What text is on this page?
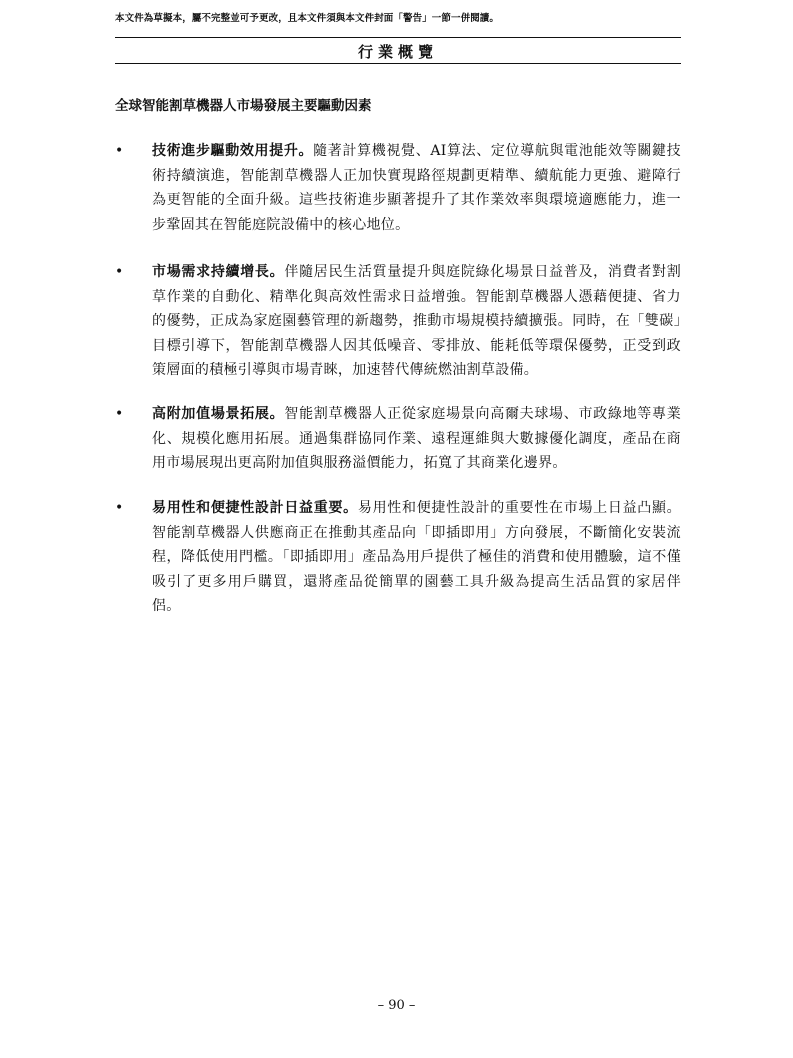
本文件為草擬本，屬不完整並可予更改，且本文件須與本文件封面「警告」一節一併閱讀。
行業概覽
全球智能割草機器人市場發展主要驅動因素
• 技術進步驅動效用提升。隨著計算機視覺、AI算法、定位導航與電池能效等關鍵技術持續演進，智能割草機器人正加快實現路徑規劃更精準、續航能力更強、避障行為更智能的全面升級。這些技術進步顯著提升了其作業效率與環境適應能力，進一步鞏固其在智能庭院設備中的核心地位。
• 市場需求持續增長。伴隨居民生活質量提升與庭院綠化場景日益普及，消費者對割草作業的自動化、精準化與高效性需求日益增強。智能割草機器人憑藉便捷、省力的優勢，正成為家庭園藝管理的新趨勢，推動市場規模持續擴張。同時，在「雙碳」目標引導下，智能割草機器人因其低噪音、零排放、能耗低等環保優勢，正受到政策層面的積極引導與市場青睞，加速替代傳統燃油割草設備。
• 高附加值場景拓展。智能割草機器人正從家庭場景向高爾夫球場、市政綠地等專業化、規模化應用拓展。通過集群協同作業、遠程運維與大數據優化調度，產品在商用市場展現出更高附加值與服務溢價能力，拓寬了其商業化邊界。
• 易用性和便捷性設計日益重要。易用性和便捷性設計的重要性在市場上日益凸顯。智能割草機器人供應商正在推動其產品向「即插即用」方向發展，不斷簡化安裝流程，降低使用門檻。「即插即用」產品為用戶提供了極佳的消費和使用體驗，這不僅吸引了更多用戶購買，還將產品從簡單的園藝工具升級為提高生活品質的家居伴侶。
– 90 –
